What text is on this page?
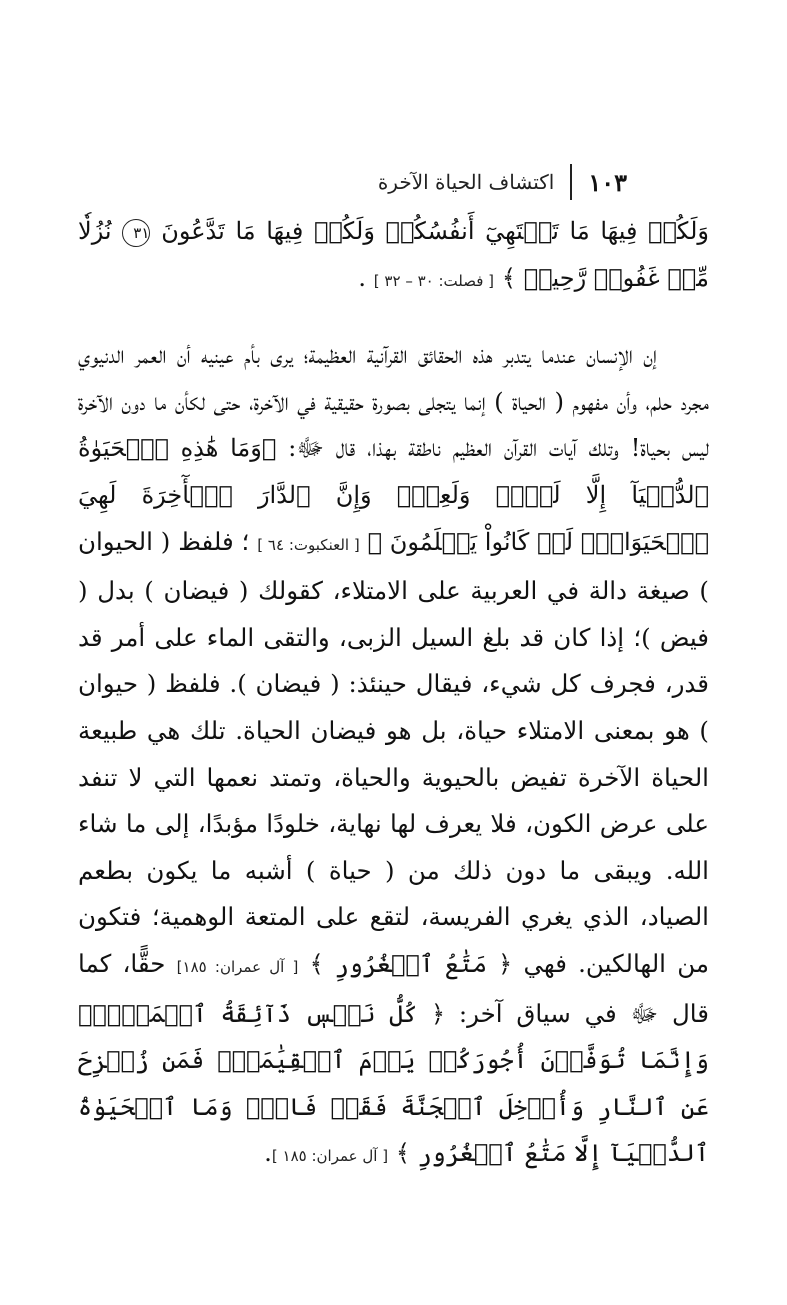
١٠٣
اكتشاف الحياة الآخرة

وَلَكُمۡ فِيهَا مَا تَشۡتَهِيٓ أَنفُسُكُمۡ وَلَكُمۡ فِيهَا مَا تَدَّعُونَ ٣١ نُزُلٗا مِّنۡ غَفُورٖ رَّحِيمٖ ﴾ [ فصلت: ٣٠ – ٣٢ ] .

إن الإنسان عندما يتدبر هذه الحقائق القرآنية العظيمة؛ يرى بأم عينيه أن العمر الدنيوي مجرد حلم، وأن مفهوم ( الحياة ) إنما يتجلى بصورة حقيقية في الآخرة، حتى لكأن ما دون الآخرة ليس بحياة! وتلك آيات القرآن العظيم ناطقة بهذا، قال ﷻ: ﴿وَمَا هَٰذِهِ ٱلۡحَيَوٰةُ ٱلدُّنۡيَآ إِلَّا لَهۡوٞ وَلَعِبٞۚ وَإِنَّ ٱلدَّارَ ٱلۡأٓخِرَةَ لَهِيَ ٱلۡحَيَوَانُۚ لَوۡ كَانُواْ يَعۡلَمُونَ ﴾ [ العنكبوت: ٦٤ ] ؛ فلفظ ( الحيوان ) صيغة دالة في العربية على الامتلاء، كقولك ( فيضان ) بدل ( فيض )؛ إذا كان قد بلغ السيل الزبى، والتقى الماء على أمر قد قدر، فجرف كل شيء، فيقال حينئذ: ( فيضان ). فلفظ ( حيوان ) هو بمعنى الامتلاء حياة، بل هو فيضان الحياة. تلك هي طبيعة الحياة الآخرة تفيض بالحيوية والحياة، وتمتد نعمها التي لا تنفد على عرض الكون، فلا يعرف لها نهاية، خلودًا مؤبدًا، إلى ما شاء الله. ويبقى ما دون ذلك من ( حياة ) أشبه ما يكون بطعم الصياد، الذي يغري الفريسة، لتقع على المتعة الوهمية؛ فتكون من الهالكين. فهي ﴿ مَتَٰعُ ٱلۡغُرُورِ ﴾ [ آل عمران: ١٨٥] حقًّا، كما قال ﷻ في سياق آخر: ﴿ كُلُّ نَفۡسٖ ذَآئِقَةُ ٱلۡمَوۡتِۗ وَإِنَّمَا تُوَفَّوۡنَ أُجُورَكُمۡ يَوۡمَ ٱلۡقِيَٰمَةِۖ فَمَن زُحۡزِحَ عَنِ ٱلنَّارِ وَأُدۡخِلَ ٱلۡجَنَّةَ فَقَدۡ فَازَۗ وَمَا ٱلۡحَيَوٰةُ ٱلدُّنۡيَآ إِلَّا مَتَٰعُ ٱلۡغُرُورِ ﴾ [ آل عمران: ١٨٥ ].
